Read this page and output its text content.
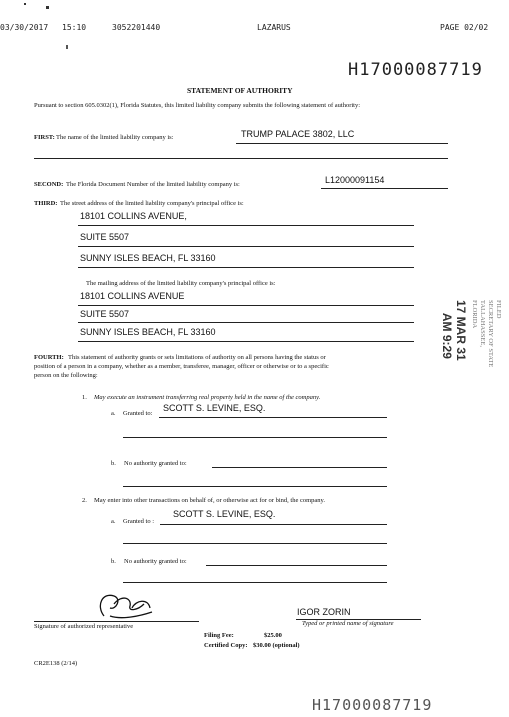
03/30/2017 15:10	3052201440	LAZARUS	PAGE 02/02
H17000087719
STATEMENT OF AUTHORITY
Pursuant to section 605.0302(1), Florida Statutes, this limited liability company submits the following statement of authority:
FIRST: The name of the limited liability company is:	TRUMP PALACE 3802, LLC
SECOND: The Florida Document Number of the limited liability company is:	L12000091154
THIRD: The street address of the limited liability company's principal office is:
18101 COLLINS AVENUE,
SUITE 5507
SUNNY ISLES BEACH, FL 33160
The mailing address of the limited liability company's principal office is:
18101 COLLINS AVENUE
SUITE 5507
SUNNY ISLES BEACH, FL 33160
FOURTH: This statement of authority grants or sets limitations of authority on all persons having the status or
position of a person in a company, whether as a member, transferee, manager, officer or otherwise or to a specific
person on the following:
1. May execute an instrument transferring real property held in the name of the company.
a. Granted to:
SCOTT S. LEVINE, ESQ.
b. No authority granted to:
2. May enter into other transactions on behalf of, or otherwise act for or bind, the company.
a. Granted to :
SCOTT S. LEVINE, ESQ.
b. No authority granted to:
Signature of authorized representative
IGOR ZORIN
Typed or printed name of signature
Filing Fee:	$25.00
Certified Copy: $30.00 (optional)
CR2E138 (2/14)
H17000087719
FILED
SECRETARY OF STATE
TALLAHASSEE, FLORIDA
17 MAR 31  AM 9:29
